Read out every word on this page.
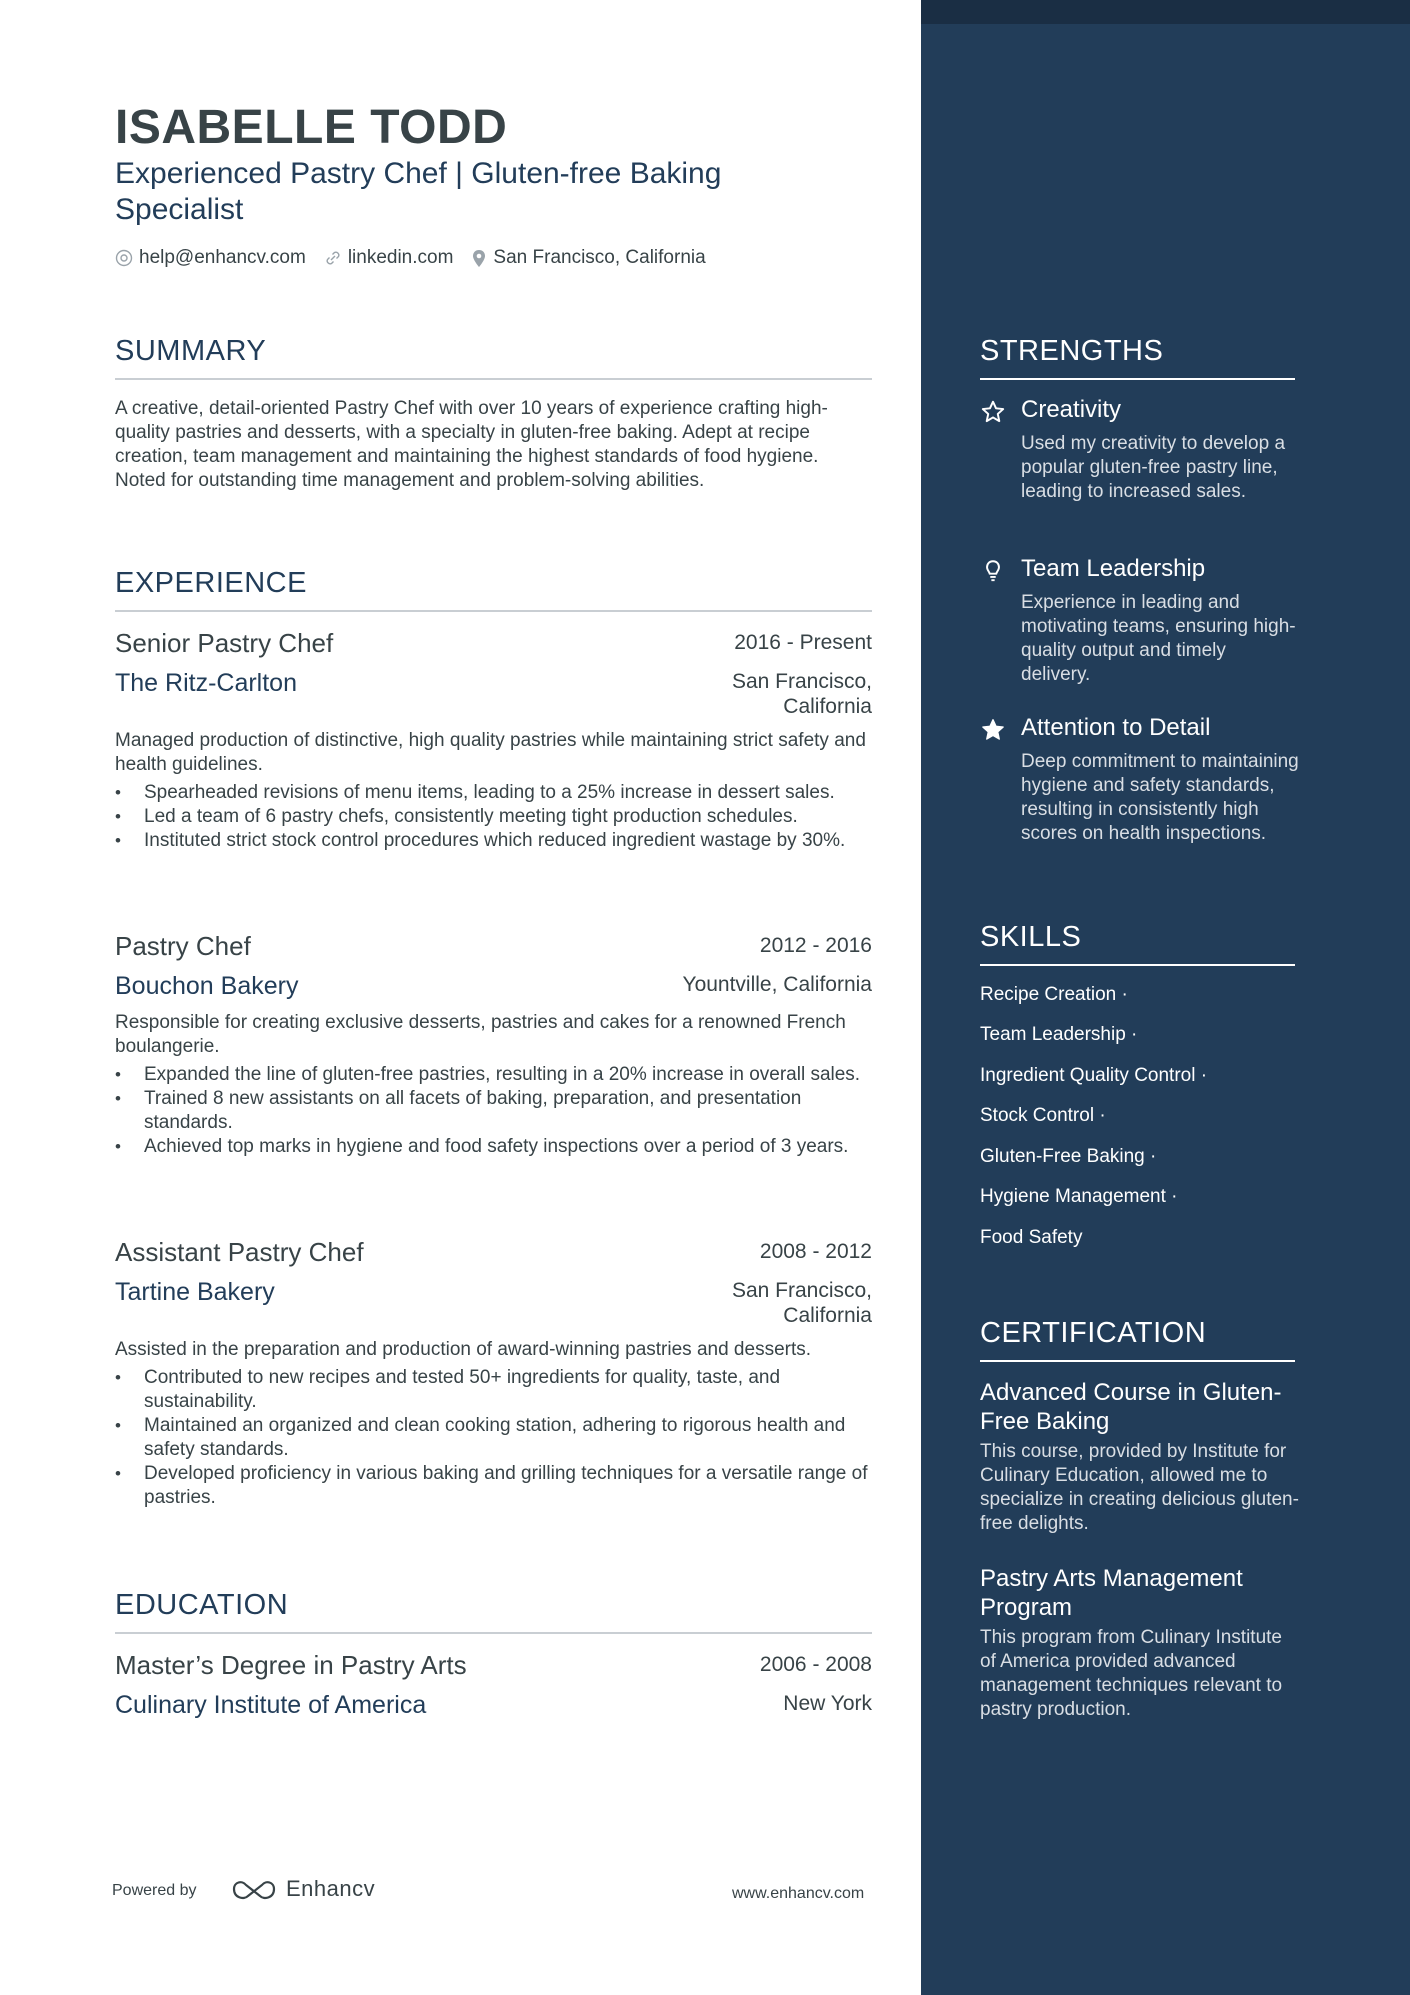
ISABELLE TODD
Experienced Pastry Chef | Gluten-free Baking Specialist
help@enhancv.com linkedin.com San Francisco, California
SUMMARY
A creative, detail-oriented Pastry Chef with over 10 years of experience crafting high-quality pastries and desserts, with a specialty in gluten-free baking. Adept at recipe creation, team management and maintaining the highest standards of food hygiene. Noted for outstanding time management and problem-solving abilities.
EXPERIENCE
Senior Pastry Chef	2016 - Present
The Ritz-Carlton	San Francisco,
California
Managed production of distinctive, high quality pastries while maintaining strict safety and health guidelines.
• Spearheaded revisions of menu items, leading to a 25% increase in dessert sales.
• Led a team of 6 pastry chefs, consistently meeting tight production schedules.
• Instituted strict stock control procedures which reduced ingredient wastage by 30%.
Pastry Chef	2012 - 2016
Bouchon Bakery	Yountville, California
Responsible for creating exclusive desserts, pastries and cakes for a renowned French boulangerie.
• Expanded the line of gluten-free pastries, resulting in a 20% increase in overall sales.
• Trained 8 new assistants on all facets of baking, preparation, and presentation standards.
• Achieved top marks in hygiene and food safety inspections over a period of 3 years.
Assistant Pastry Chef	2008 - 2012
Tartine Bakery	San Francisco,
California
Assisted in the preparation and production of award-winning pastries and desserts.
• Contributed to new recipes and tested 50+ ingredients for quality, taste, and sustainability.
• Maintained an organized and clean cooking station, adhering to rigorous health and safety standards.
• Developed proficiency in various baking and grilling techniques for a versatile range of pastries.
EDUCATION
Master’s Degree in Pastry Arts	2006 - 2008
Culinary Institute of America	New York
Powered by	Enhancv	www.enhancv.com
STRENGTHS
Creativity
Used my creativity to develop a popular gluten-free pastry line, leading to increased sales.
Team Leadership
Experience in leading and motivating teams, ensuring high-quality output and timely delivery.
Attention to Detail
Deep commitment to maintaining hygiene and safety standards, resulting in consistently high scores on health inspections.
SKILLS
Recipe Creation ·
Team Leadership ·
Ingredient Quality Control ·
Stock Control ·
Gluten-Free Baking ·
Hygiene Management ·
Food Safety
CERTIFICATION
Advanced Course in Gluten-Free Baking
This course, provided by Institute for Culinary Education, allowed me to specialize in creating delicious gluten-free delights.
Pastry Arts Management Program
This program from Culinary Institute of America provided advanced management techniques relevant to pastry production.
